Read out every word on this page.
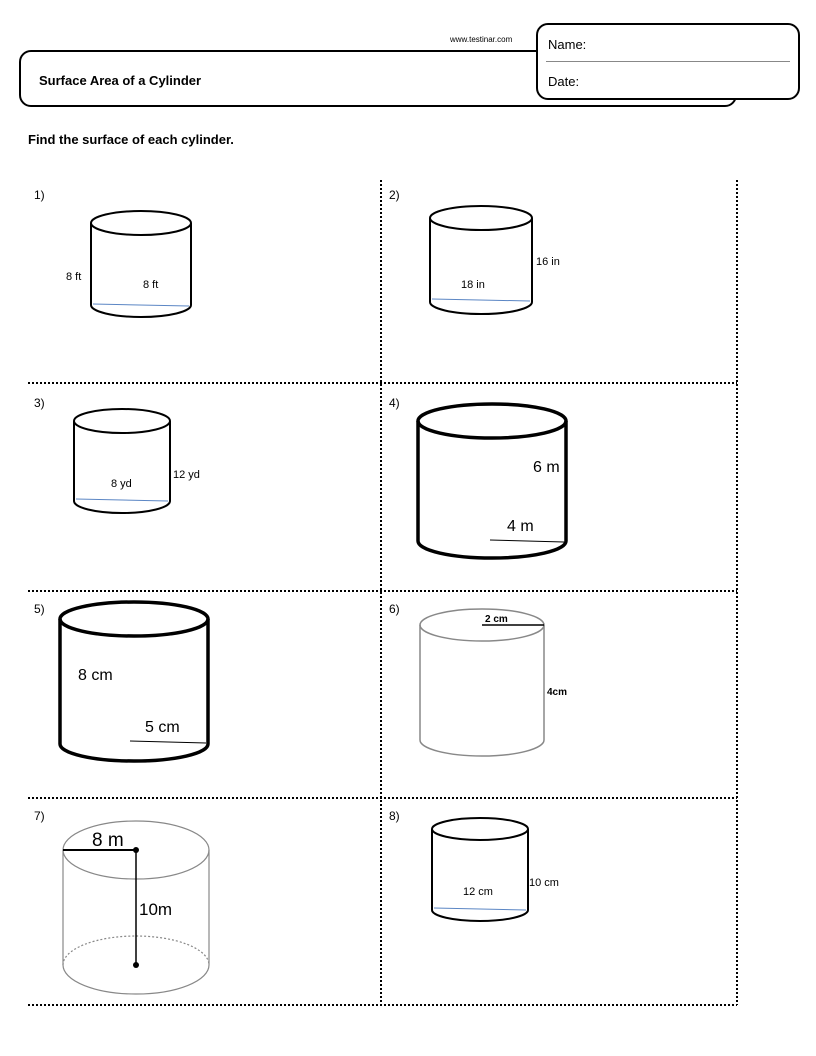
www.testinar.com
Surface Area of a Cylinder
Name:
Date:
Find the surface of each cylinder.
1)	2)
3)	4)
5)	6)
7)	8)
8 ft
8 ft
16 in
18 in
12 yd
8 yd
6 m
4 m
8 cm
5 cm
2 cm
4cm
8 m
10m
10 cm
12 cm
